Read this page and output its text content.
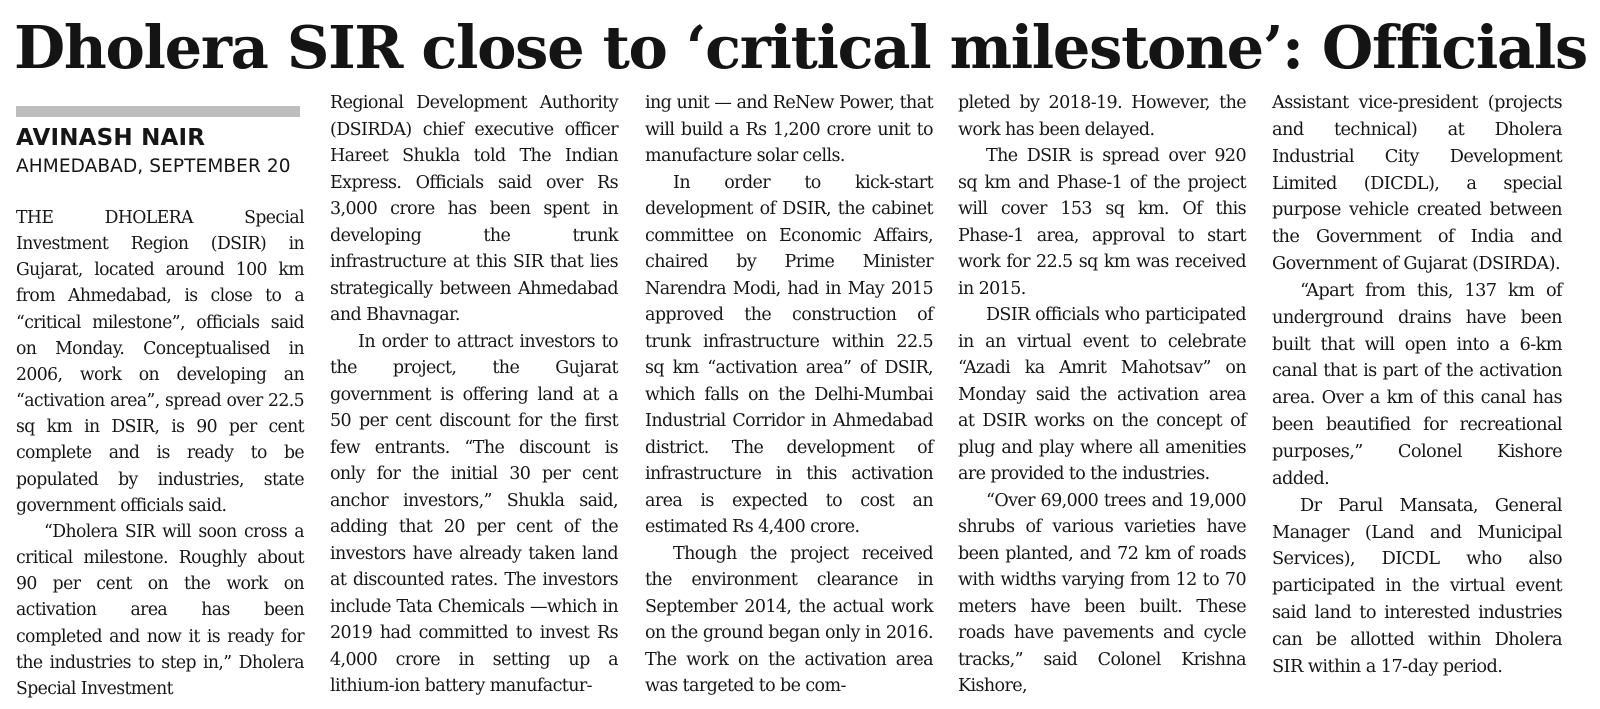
Dholera SIR close to ‘critical milestone’: Officials
AVINASH NAIR
AHMEDABAD, SEPTEMBER 20

THE DHOLERA Special Investment Region (DSIR) in Gujarat, located around 100 km from Ahmedabad, is close to a “critical milestone”, officials said on Monday. Conceptualised in 2006, work on developing an “activation area”, spread over 22.5 sq km in DSIR, is 90 per cent complete and is ready to be populated by industries, state government officials said.

“Dholera SIR will soon cross a critical milestone. Roughly about 90 per cent on the work on activation area has been completed and now it is ready for the industries to step in,” Dholera Special Investment

Regional Development Authority (DSIRDA) chief executive officer Hareet Shukla told The Indian Express. Officials said over Rs 3,000 crore has been spent in developing the trunk infrastructure at this SIR that lies strategically between Ahmedabad and Bhavnagar.

In order to attract investors to the project, the Gujarat government is offering land at a 50 per cent discount for the first few entrants. “The discount is only for the initial 30 per cent anchor investors,” Shukla said, adding that 20 per cent of the investors have already taken land at discounted rates. The investors include Tata Chemicals —which in 2019 had committed to invest Rs 4,000 crore in setting up a lithium-ion battery manufactur-

ing unit — and ReNew Power, that will build a Rs 1,200 crore unit to manufacture solar cells.

In order to kick-start development of DSIR, the cabinet committee on Economic Affairs, chaired by Prime Minister Narendra Modi, had in May 2015 approved the construction of trunk infrastructure within 22.5 sq km “activation area” of DSIR, which falls on the Delhi-Mumbai Industrial Corridor in Ahmedabad district. The development of infrastructure in this activation area is expected to cost an estimated Rs 4,400 crore.

Though the project received the environment clearance in September 2014, the actual work on the ground began only in 2016. The work on the activation area was targeted to be com-

pleted by 2018-19. However, the work has been delayed.

The DSIR is spread over 920 sq km and Phase-1 of the project will cover 153 sq km. Of this Phase-1 area, approval to start work for 22.5 sq km was received in 2015.

DSIR officials who participated in an virtual event to celebrate “Azadi ka Amrit Mahotsav” on Monday said the activation area at DSIR works on the concept of plug and play where all amenities are provided to the industries.

“Over 69,000 trees and 19,000 shrubs of various varieties have been planted, and 72 km of roads with widths varying from 12 to 70 meters have been built. These roads have pavements and cycle tracks,” said Colonel Krishna Kishore,

Assistant vice-president (projects and technical) at Dholera Industrial City Development Limited (DICDL), a special purpose vehicle created between the Government of India and Government of Gujarat (DSIRDA).

“Apart from this, 137 km of underground drains have been built that will open into a 6-km canal that is part of the activation area. Over a km of this canal has been beautified for recreational purposes,” Colonel Kishore added.

Dr Parul Mansata, General Manager (Land and Municipal Services), DICDL who also participated in the virtual event said land to interested industries can be allotted within Dholera SIR within a 17-day period.
